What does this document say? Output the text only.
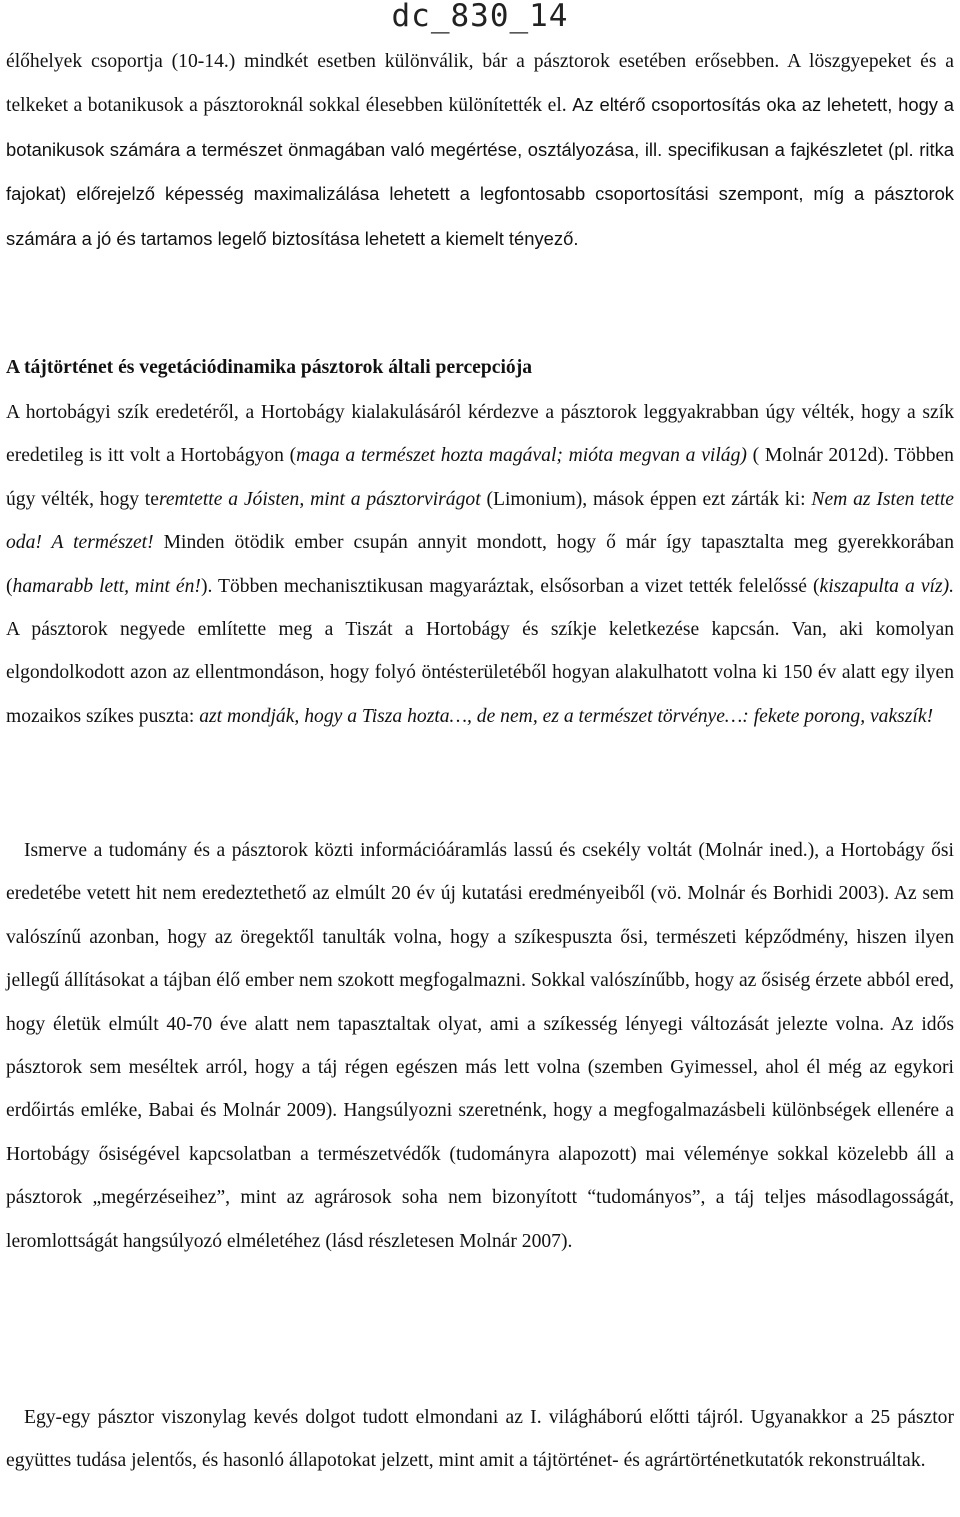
dc_830_14

élőhelyek csoportja (10-14.) mindkét esetben különválik, bár a pásztorok esetében erősebben. A löszgyepeket és a telkeket a botanikusok a pásztoroknál sokkal élesebben különítették el. Az eltérő csoportosítás oka az lehetett, hogy a botanikusok számára a természet önmagában való megértése, osztályozása, ill. specifikusan a fajkészletet (pl. ritka fajokat) előrejelző képesség maximalizálása lehetett a legfontosabb csoportosítási szempont, míg a pásztorok számára a jó és tartamos legelő biztosítása lehetett a kiemelt tényező.

A tájtörténet és vegetációdinamika pásztorok általi percepciója

A hortobágyi szík eredetéről, a Hortobágy kialakulásáról kérdezve a pásztorok leggyakrabban úgy vélték, hogy a szík eredetileg is itt volt a Hortobágyon (maga a természet hozta magával; mióta megvan a világ) ( Molnár 2012d). Többen úgy vélték, hogy teremtette a Jóisten, mint a pásztorvirágot (Limonium), mások éppen ezt zárták ki: Nem az Isten tette oda! A természet! Minden ötödik ember csupán annyit mondott, hogy ő már így tapasztalta meg gyerekkorában (hamarabb lett, mint én!). Többen mechanisztikusan magyaráztak, elsősorban a vizet tették felelőssé (kiszapulta a víz). A pásztorok negyede említette meg a Tiszát a Hortobágy és szíkje keletkezése kapcsán. Van, aki komolyan elgondolkodott azon az ellentmondáson, hogy folyó öntésterületéből hogyan alakulhatott volna ki 150 év alatt egy ilyen mozaikos szíkes puszta: azt mondják, hogy a Tisza hozta…, de nem, ez a természet törvénye…: fekete porong, vakszík!

Ismerve a tudomány és a pásztorok közti információáramlás lassú és csekély voltát (Molnár ined.), a Hortobágy ősi eredetébe vetett hit nem eredeztethető az elmúlt 20 év új kutatási eredményeiből (vö. Molnár és Borhidi 2003). Az sem valószínű azonban, hogy az öregektől tanulták volna, hogy a szíkespuszta ősi, természeti képződmény, hiszen ilyen jellegű állításokat a tájban élő ember nem szokott megfogalmazni. Sokkal valószínűbb, hogy az ősiség érzete abból ered, hogy életük elmúlt 40-70 éve alatt nem tapasztaltak olyat, ami a szíkesség lényegi változását jelezte volna. Az idős pásztorok sem meséltek arról, hogy a táj régen egészen más lett volna (szemben Gyimessel, ahol él még az egykori erdőirtás emléke, Babai és Molnár 2009). Hangsúlyozni szeretnénk, hogy a megfogalmazásbeli különbségek ellenére a Hortobágy ősiségével kapcsolatban a természetvédők (tudományra alapozott) mai véleménye sokkal közelebb áll a pásztorok „megérzéseihez”, mint az agrárosok soha nem bizonyított “tudományos”, a táj teljes másodlagosságát, leromlottságát hangsúlyozó elméletéhez (lásd részletesen Molnár 2007).

Egy-egy pásztor viszonylag kevés dolgot tudott elmondani az I. világháború előtti tájról. Ugyanakkor a 25 pásztor együttes tudása jelentős, és hasonló állapotokat jelzett, mint amit a tájtörténet- és agrártörténetkutatók rekonstruáltak.
